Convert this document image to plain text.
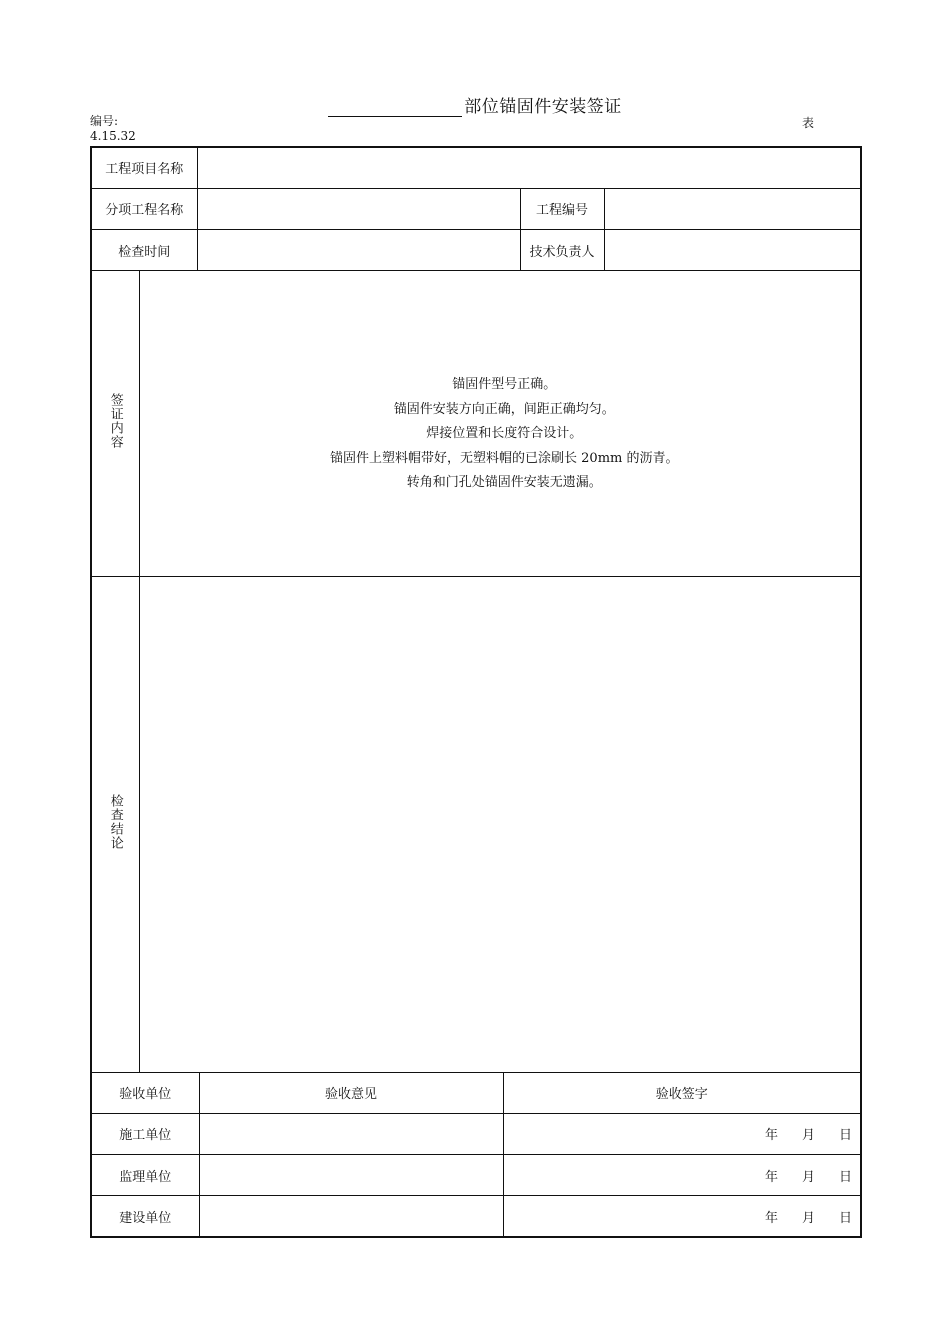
部位锚固件安装签证
编号:
4.15.32
表
工程项目名称						
分项工程名称					工程编号	
检查时间					技术负责人	
签证内容	锚固件型号正确。
锚固件安装方向正确，间距正确均匀。
焊接位置和长度符合设计。
锚固件上塑料帽带好，无塑料帽的已涂刷长 20mm 的沥青。
转角和门孔处锚固件安装无遗漏。					

检查结论						
验收单位			验收意见	验收签字		
施工单位				年 月 日		
监理单位				年 月 日		
建设单位				年 月 日		
